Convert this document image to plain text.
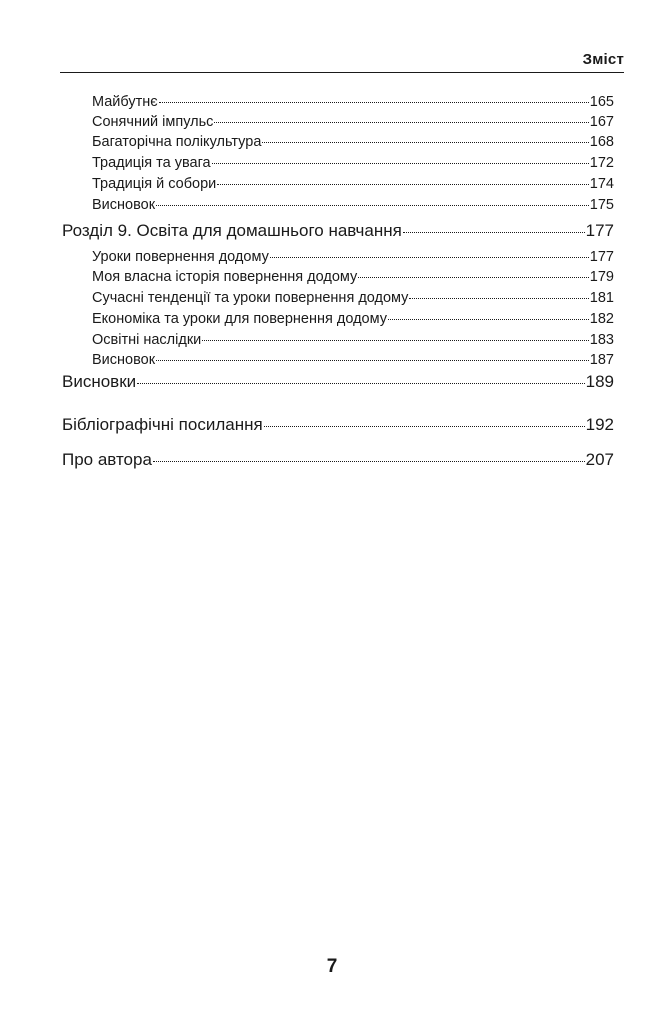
Зміст
Майбутнє	165
Сонячний імпульс	167
Багаторічна полікультура	168
Традиція та увага	172
Традиція й собори	174
Висновок	175
Розділ 9. Освіта для домашнього навчання	177
Уроки повернення додому	177
Моя власна історія повернення додому	179
Сучасні тенденції та уроки повернення додому	181
Економіка та уроки для повернення додому	182
Освітні наслідки	183
Висновок	187
Висновки	189
Бібліографічні посилання	192
Про автора	207
7
